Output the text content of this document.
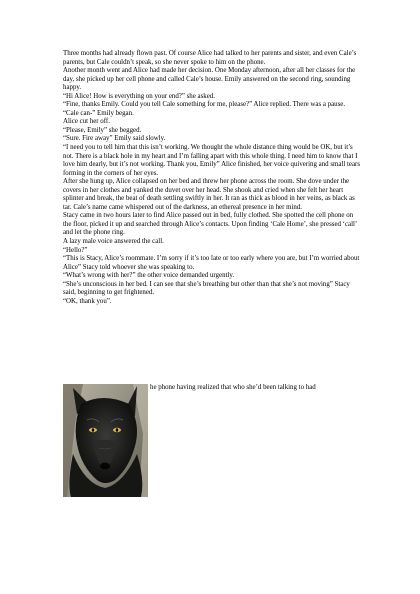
Three months had already flown past. Of course Alice had talked to her parents and sister, and even Cale’s parents, but Cale couldn’t speak, so she never spoke to him on the phone.

Another month went and Alice had made her decision. One Monday afternoon, after all her classes for the day, she picked up her cell phone and called Cale’s house. Emily answered on the second ring, sounding happy.

“Hi Alice! How is everything on your end?” she asked.

“Fine, thanks Emily. Could you tell Cale something for me, please?” Alice replied. There was a pause.

“Cale can-” Emily began.

Alice cut her off.

“Please, Emily” she begged.

“Sure. Fire away” Emily said slowly.

“I need you to tell him that this isn’t working. We thought the whole distance thing would be OK, but it’s not. There is a black hole in my heart and I’m falling apart with this whole thing. I need him to know that I love him dearly, but it’s not working. Thank you, Emily” Alice finished, her voice quivering and small tears forming in the corners of her eyes.

After she hung up, Alice collapsed on her bed and threw her phone across the room. She dove under the covers in her clothes and yanked the duvet over her head. She shook and cried when she felt her heart splinter and break, the beat of death settling swiftly in her. It ran as thick as blood in her veins, as black as tar. Cale’s name came whispered out of the darkness, an ethereal presence in her mind.

Stacy came in two hours later to find Alice passed out in bed, fully clothed. She spotted the cell phone on the floor, picked it up and searched through Alice’s contacts. Upon finding ‘Cale Home’, she pressed ‘call’ and let the phone ring.

A lazy male voice answered the call.

“Hello?”

“This is Stacy, Alice’s roommate. I’m sorry if it’s too late or too early where you are, but I’m worried about Alice” Stacy told whoever she was speaking to.

“What’s wrong with her?” the other voice demanded urgently.

“She’s unconscious in her bed. I can see that she’s breathing but other than that she’s not moving” Stacy said, beginning to get frightened.

“OK, thank you”.

he phone having realized that who she’d been talking to had
